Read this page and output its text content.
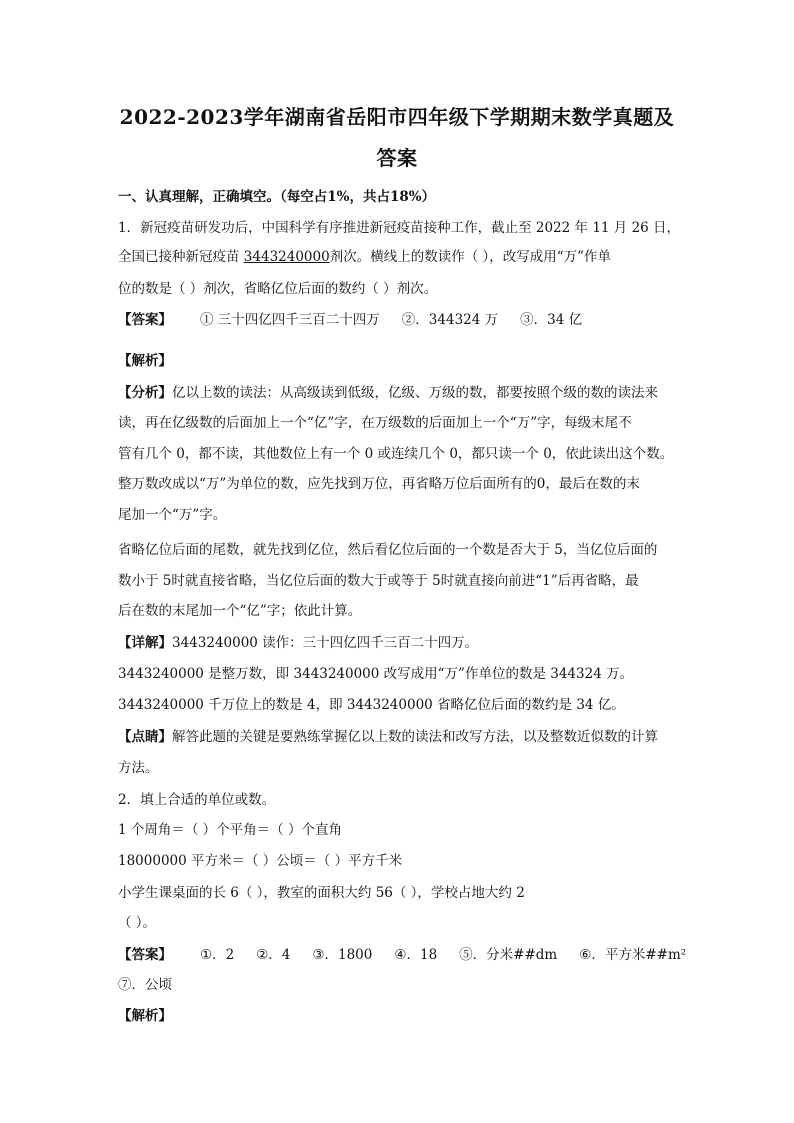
2022-2023学年湖南省岳阳市四年级下学期期末数学真题及
答案
一、认真理解，正确填空。（每空占1%，共占18%）
1．新冠疫苗研发功后，中国科学有序推进新冠疫苗接种工作，截止至 2022 年 11 月 26 日，
全国已接种新冠疫苗 3443240000剂次。横线上的数读作（ ），改写成用“万”作单
位的数是（ ）剂次，省略亿位后面的数约（ ）剂次。
【答案】 ① 三十四亿四千三百二十四万 ②．344324 万 ③．34 亿
【解析】
【分析】亿以上数的读法：从高级读到低级，亿级、万级的数，都要按照个级的数的读法来
读，再在亿级数的后面加上一个“亿”字，在万级数的后面加上一个“万”字，每级末尾不
管有几个 0，都不读，其他数位上有一个 0 或连续几个 0，都只读一个 0，依此读出这个数。
整万数改成以“万”为单位的数，应先找到万位，再省略万位后面所有的0，最后在数的末
尾加一个“万”字。
省略亿位后面的尾数，就先找到亿位，然后看亿位后面的一个数是否大于 5，当亿位后面的
数小于 5时就直接省略，当亿位后面的数大于或等于 5时就直接向前进“1”后再省略，最
后在数的末尾加一个“亿”字；依此计算。
【详解】3443240000 读作：三十四亿四千三百二十四万。
3443240000 是整万数，即 3443240000 改写成用“万”作单位的数是 344324 万。
3443240000 千万位上的数是 4，即 3443240000 省略亿位后面的数约是 34 亿。
【点睛】解答此题的关键是要熟练掌握亿以上数的读法和改写方法，以及整数近似数的计算
方法。
2．填上合适的单位或数。
1 个周角＝（ ）个平角＝（ ）个直角
18000000 平方米＝（ ）公顷＝（ ）平方千米
小学生课桌面的长 6（ ），教室的面积大约 56（ ），学校占地大约 2
（ ）。
【答案】 ①．2 ②．4 ③．1800 ④．18 ⑤．分米##dm ⑥．平方米##m²
⑦．公顷
【解析】
